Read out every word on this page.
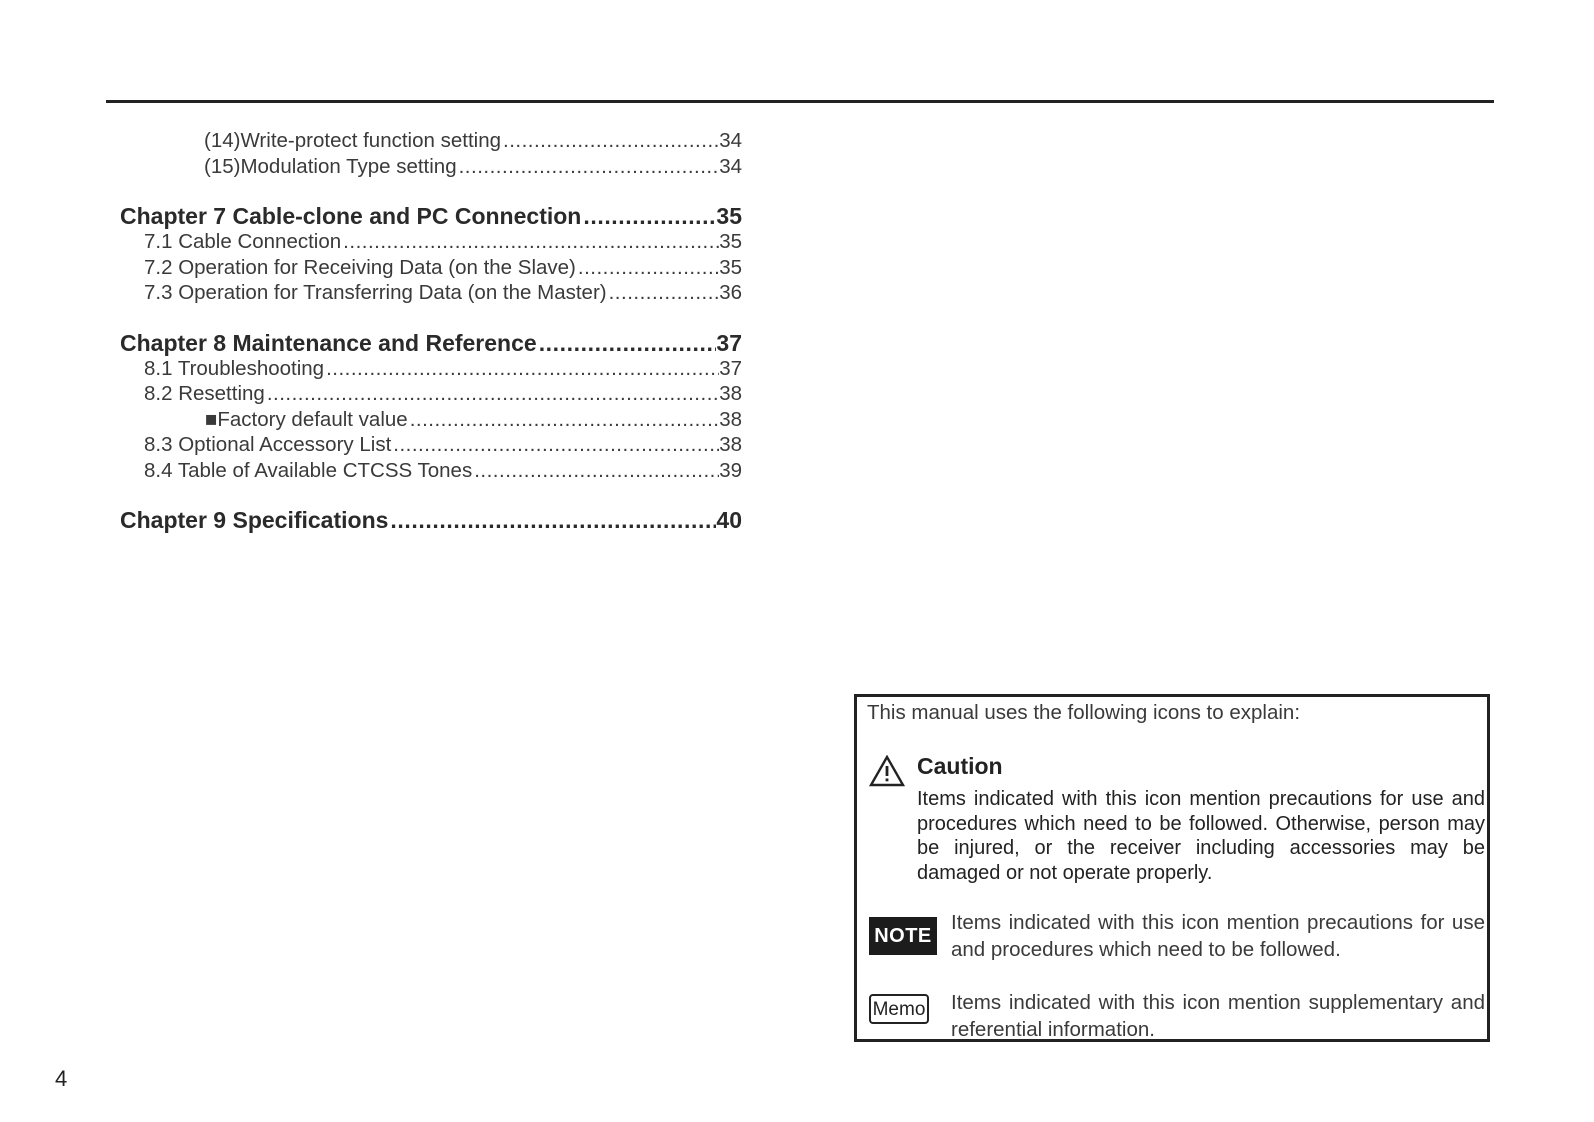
(14)Write-protect function setting .....	34
(15)Modulation Type setting .....	34
Chapter 7 Cable-clone and PC Connection .....	35
7.1 Cable Connection .....	35
7.2 Operation for Receiving Data (on the Slave) .....	35
7.3 Operation for Transferring Data (on the Master) .....	36
Chapter 8 Maintenance and Reference .....	37
8.1 Troubleshooting .....	37
8.2 Resetting .....	38
■Factory default value .....	38
8.3 Optional Accessory List .....	38
8.4 Table of Available CTCSS Tones .....	39
Chapter 9 Specifications .....	40
This manual uses the following icons to explain:
Caution
Items indicated with this icon mention precautions for use and procedures which need to be followed. Otherwise, person may be injured, or the receiver including accessories may be damaged or not operate properly.
NOTE
Items indicated with this icon mention precautions for use and procedures which need to be followed.
Memo Items indicated with this icon mention supplementary and referential information.
4
